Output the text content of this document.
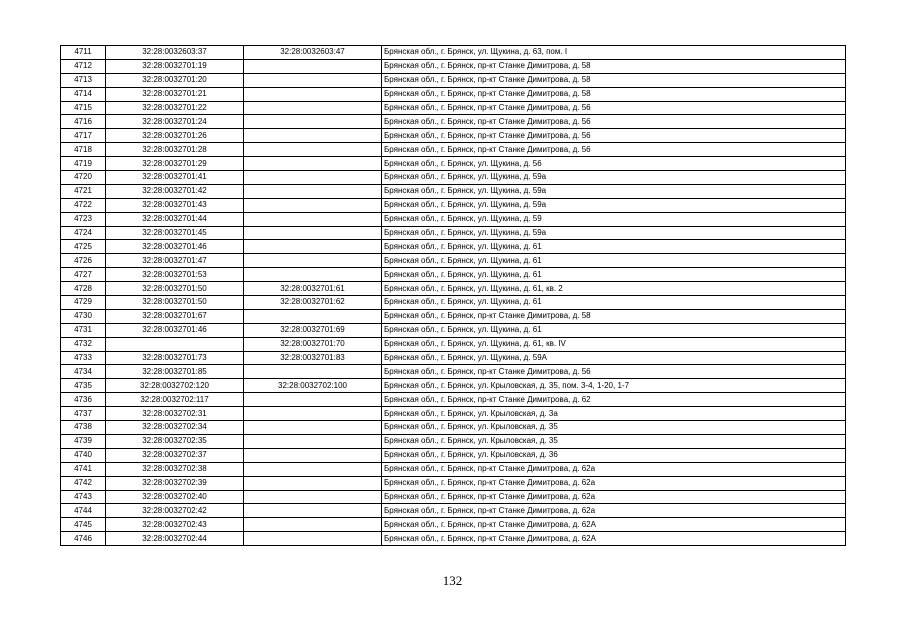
4711	32:28:0032603:37	32:28:0032603:47	Брянская обл., г. Брянск, ул. Щукина, д. 63, пом. I
4712	32:28:0032701:19		Брянская обл., г. Брянск, пр-кт Станке Димитрова, д. 58
4713	32:28:0032701:20		Брянская обл., г. Брянск, пр-кт Станке Димитрова, д. 58
4714	32:28:0032701:21		Брянская обл., г. Брянск, пр-кт Станке Димитрова, д. 58
4715	32:28:0032701:22		Брянская обл., г. Брянск, пр-кт Станке Димитрова, д. 56
4716	32:28:0032701:24		Брянская обл., г. Брянск, пр-кт Станке Димитрова, д. 56
4717	32:28:0032701:26		Брянская обл., г. Брянск, пр-кт Станке Димитрова, д. 56
4718	32:28:0032701:28		Брянская обл., г. Брянск, пр-кт Станке Димитрова, д. 56
4719	32:28:0032701:29		Брянская обл., г. Брянск, ул. Щукина, д. 56
4720	32:28:0032701:41		Брянская обл., г. Брянск, ул. Щукина, д. 59а
4721	32:28:0032701:42		Брянская обл., г. Брянск, ул. Щукина, д. 59а
4722	32:28:0032701:43		Брянская обл., г. Брянск, ул. Щукина, д. 59а
4723	32:28:0032701:44		Брянская обл., г. Брянск, ул. Щукина, д. 59
4724	32:28:0032701:45		Брянская обл., г. Брянск, ул. Щукина, д. 59а
4725	32:28:0032701:46		Брянская обл., г. Брянск, ул. Щукина, д. 61
4726	32:28:0032701:47		Брянская обл., г. Брянск, ул. Щукина, д. 61
4727	32:28:0032701:53		Брянская обл., г. Брянск, ул. Щукина, д. 61
4728	32:28:0032701:50	32:28:0032701:61	Брянская обл., г. Брянск, ул. Щукина, д. 61, кв. 2
4729	32:28:0032701:50	32:28:0032701:62	Брянская обл., г. Брянск, ул. Щукина, д. 61
4730	32:28:0032701:67		Брянская обл., г. Брянск, пр-кт Станке Димитрова, д. 58
4731	32:28:0032701:46	32:28:0032701:69	Брянская обл., г. Брянск, ул. Щукина, д. 61
4732		32:28:0032701:70	Брянская обл., г. Брянск, ул. Щукина, д. 61, кв. IV
4733	32:28:0032701:73	32:28:0032701:83	Брянская обл., г. Брянск, ул. Щукина, д. 59А
4734	32:28:0032701:85		Брянская обл., г. Брянск, пр-кт Станке Димитрова, д. 56
4735	32:28:0032702:120	32:28:0032702:100	Брянская обл., г. Брянск, ул. Крыловская, д. 35, пом. 3-4, 1-20, 1-7
4736	32:28:0032702:117		Брянская обл., г. Брянск, пр-кт Станке Димитрова, д. 62
4737	32:28:0032702:31		Брянская обл., г. Брянск, ул. Крыловская, д. 3а
4738	32:28:0032702:34		Брянская обл., г. Брянск, ул. Крыловская, д. 35
4739	32:28:0032702:35		Брянская обл., г. Брянск, ул. Крыловская, д. 35
4740	32:28:0032702:37		Брянская обл., г. Брянск, ул. Крыловская, д. 36
4741	32:28:0032702:38		Брянская обл., г. Брянск, пр-кт Станке Димитрова, д. 62а
4742	32:28:0032702:39		Брянская обл., г. Брянск, пр-кт Станке Димитрова, д. 62а
4743	32:28:0032702:40		Брянская обл., г. Брянск, пр-кт Станке Димитрова, д. 62а
4744	32:28:0032702:42		Брянская обл., г. Брянск, пр-кт Станке Димитрова, д. 62а
4745	32:28:0032702:43		Брянская обл., г. Брянск, пр-кт Станке Димитрова, д. 62А
4746	32:28:0032702:44		Брянская обл., г. Брянск, пр-кт Станке Димитрова, д. 62А
132
